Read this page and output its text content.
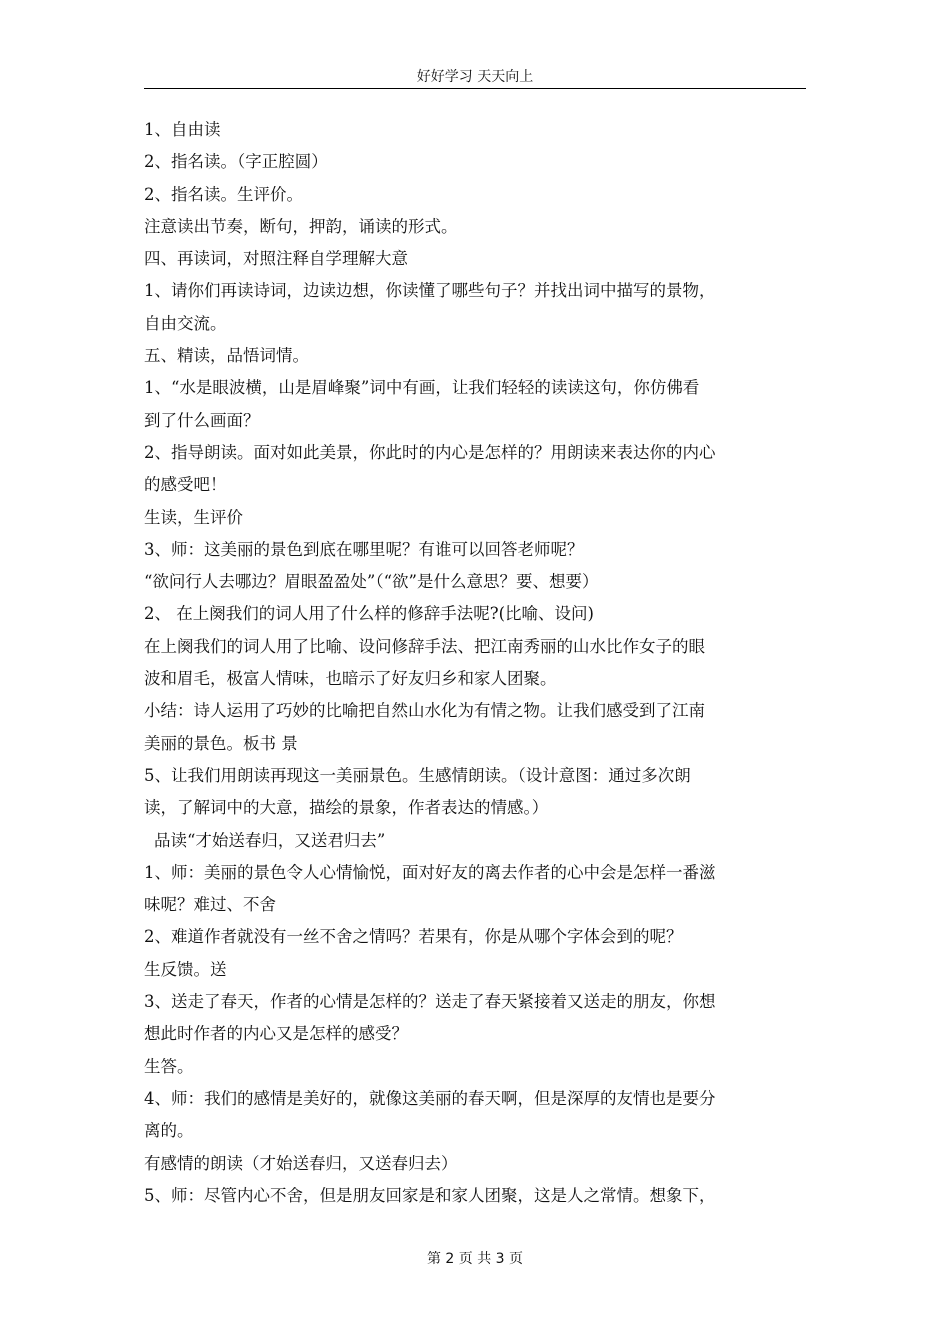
好好学习 天天向上
1、自由读
2、指名读。（字正腔圆）
2、指名读。生评价。
注意读出节奏，断句，押韵，诵读的形式。
四、再读词，对照注释自学理解大意
1、请你们再读诗词，边读边想，你读懂了哪些句子？并找出词中描写的景物，
自由交流。
五、精读，品悟词情。
1、“水是眼波横，山是眉峰聚”词中有画，让我们轻轻的读读这句，你仿佛看
到了什么画面？
2、指导朗读。面对如此美景，你此时的内心是怎样的？用朗读来表达你的内心
的感受吧！
生读，生评价
3、师：这美丽的景色到底在哪里呢？有谁可以回答老师呢？
“欲问行人去哪边？眉眼盈盈处”（“欲”是什么意思？要、想要）
2、 在上阕我们的词人用了什么样的修辞手法呢?(比喻、设问)
在上阕我们的词人用了比喻、设问修辞手法、把江南秀丽的山水比作女子的眼
波和眉毛，极富人情味，也暗示了好友归乡和家人团聚。
小结：诗人运用了巧妙的比喻把自然山水化为有情之物。让我们感受到了江南
美丽的景色。板书 景
5、让我们用朗读再现这一美丽景色。生感情朗读。（设计意图：通过多次朗
读，了解词中的大意，描绘的景象，作者表达的情感。）
品读“才始送春归，又送君归去”
1、师：美丽的景色令人心情愉悦，面对好友的离去作者的心中会是怎样一番滋
味呢？难过、不舍
2、难道作者就没有一丝不舍之情吗？若果有，你是从哪个字体会到的呢？
生反馈。送
3、送走了春天，作者的心情是怎样的？送走了春天紧接着又送走的朋友，你想
想此时作者的内心又是怎样的感受？
生答。
4、师：我们的感情是美好的，就像这美丽的春天啊，但是深厚的友情也是要分
离的。
有感情的朗读（才始送春归，又送春归去）
5、师：尽管内心不舍，但是朋友回家是和家人团聚，这是人之常情。想象下，
第 2 页 共 3 页
